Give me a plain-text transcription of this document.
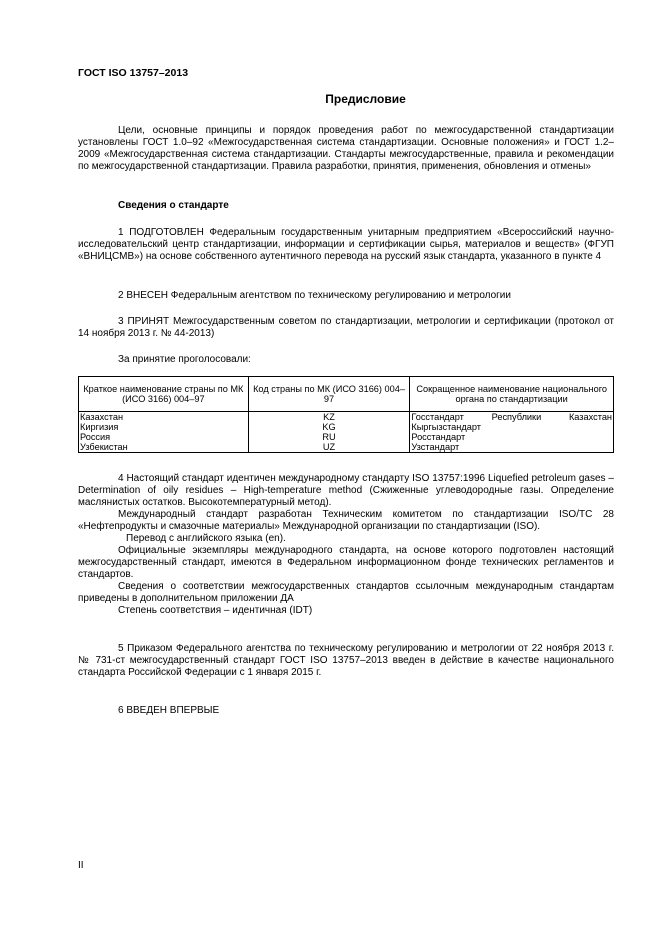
ГОСТ ISO 13757–2013
Предисловие

Цели, основные принципы и порядок проведения работ по межгосударственной стандартизации установлены ГОСТ 1.0–92 «Межгосударственная система стандартизации. Основные положения» и ГОСТ 1.2–2009 «Межгосударственная система стандартизации. Стандарты межгосударственные, правила и рекомендации по межгосударственной стандартизации. Правила разработки, принятия, применения, обновления и отмены»

Сведения о стандарте

1 ПОДГОТОВЛЕН Федеральным государственным унитарным предприятием «Всероссийский научно-исследовательский центр стандартизации, информации и сертификации сырья, материалов и веществ» (ФГУП «ВНИЦСМВ») на основе собственного аутентичного перевода на русский язык стандарта, указанного в пункте 4

2 ВНЕСЕН Федеральным агентством по техническому регулированию и метрологии

3 ПРИНЯТ Межгосударственным советом по стандартизации, метрологии и сертификации (протокол от 14 ноября 2013 г. № 44-2013)

За принятие проголосовали:

Краткое наименование страны по МК (ИСО 3166) 004–97	Код страны по МК (ИСО 3166) 004–97	Сокращенное наименование национального органа по стандартизации
Казахстан	KZ	Госстандарт Республики Казахстан
Киргизия	KG	Кыргызстандарт
Россия	RU	Росстандарт
Узбекистан	UZ	Узстандарт

4 Настоящий стандарт идентичен международному стандарту ISO 13757:1996 Liquefied petroleum gases – Determination of oily residues – High-temperature method (Сжиженные углеводородные газы. Определение маслянистых остатков. Высокотемпературный метод).

Международный стандарт разработан Техническим комитетом по стандартизации ISO/TC 28 «Нефтепродукты и смазочные материалы» Международной организации по стандартизации (ISO).

Перевод с английского языка (en).

Официальные экземпляры международного стандарта, на основе которого подготовлен настоящий межгосударственный стандарт, имеются в Федеральном информационном фонде технических регламентов и стандартов.

Сведения о соответствии межгосударственных стандартов ссылочным международным стандартам приведены в дополнительном приложении ДА

Степень соответствия – идентичная (IDT)

5 Приказом Федерального агентства по техническому регулированию и метрологии от 22 ноября 2013 г. № 731-ст межгосударственный стандарт ГОСТ ISO 13757–2013 введен в действие в качестве национального стандарта Российской Федерации с 1 января 2015 г.

6 ВВЕДЕН ВПЕРВЫЕ

II
